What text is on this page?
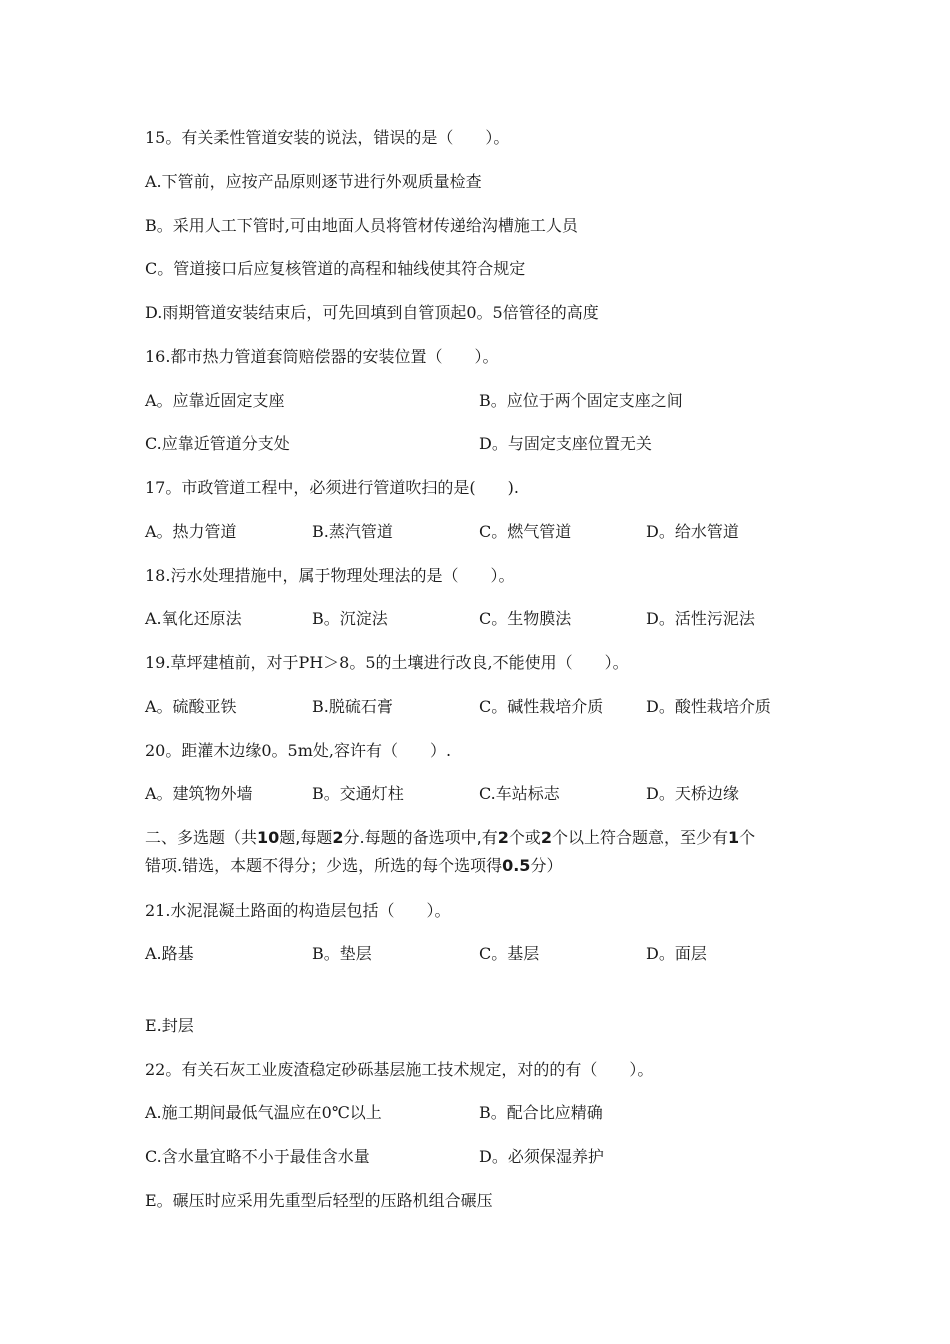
15。有关柔性管道安装的说法，错误的是（　　）。
A.下管前，应按产品原则逐节进行外观质量检查
B。采用人工下管时,可由地面人员将管材传递给沟槽施工人员
C。管道接口后应复核管道的高程和轴线使其符合规定
D.雨期管道安装结束后，可先回填到自管顶起0。5倍管径的高度
16.都市热力管道套筒赔偿器的安装位置（　　）。
A。应靠近固定支座	B。应位于两个固定支座之间
C.应靠近管道分支处	D。与固定支座位置无关
17。市政管道工程中，必须进行管道吹扫的是(　　).
A。热力管道	B.蒸汽管道	C。燃气管道	D。给水管道
18.污水处理措施中，属于物理处理法的是（　　）。
A.氧化还原法	B。沉淀法	C。生物膜法	D。活性污泥法
19.草坪建植前，对于PH＞8。5的土壤进行改良,不能使用（　　）。
A。硫酸亚铁	B.脱硫石膏	C。碱性栽培介质	D。酸性栽培介质
20。距灌木边缘0。5m处,容许有（　　）.
A。建筑物外墙	B。交通灯柱	C.车站标志	D。天桥边缘
二、多选题（共10题,每题2分.每题的备选项中,有2个或2个以上符合题意，至少有1个
错项.错选，本题不得分；少选，所选的每个选项得0.5分）
21.水泥混凝土路面的构造层包括（　　）。
A.路基	B。垫层	C。基层	D。面层
E.封层
22。有关石灰工业废渣稳定砂砾基层施工技术规定，对的的有（　　）。
A.施工期间最低气温应在0℃以上	B。配合比应精确
C.含水量宜略不小于最佳含水量	D。必须保湿养护
E。碾压时应采用先重型后轻型的压路机组合碾压
